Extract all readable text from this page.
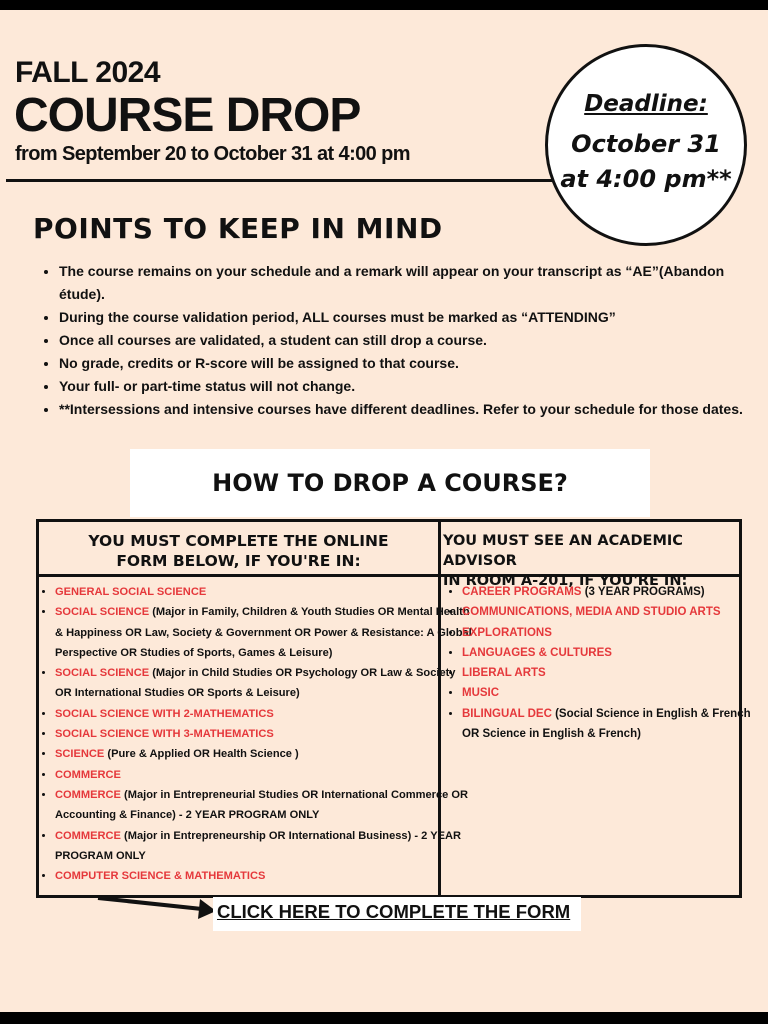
FALL 2024
COURSE DROP
from September 20 to October 31 at 4:00 pm
Deadline:
October 31
at 4:00 pm**
POINTS TO KEEP IN MIND
• The course remains on your schedule and a remark will appear on your transcript as “AE”(Abandon étude).
• During the course validation period, ALL courses must be marked as “ATTENDING”
• Once all courses are validated, a student can still drop a course.
• No grade, credits or R-score will be assigned to that course.
• Your full- or part-time status will not change.
• **Intersessions and intensive courses have different deadlines. Refer to your schedule for those dates.
HOW TO DROP A COURSE?
YOU MUST COMPLETE THE ONLINE
FORM BELOW, IF YOU'RE IN:
YOU MUST SEE AN ACADEMIC ADVISOR
IN ROOM A-201, IF YOU'RE IN:
• GENERAL SOCIAL SCIENCE
• SOCIAL SCIENCE (Major in Family, Children & Youth Studies OR Mental Health & Happiness OR Law, Society & Government OR Power & Resistance: A Global Perspective OR Studies of Sports, Games & Leisure)
• SOCIAL SCIENCE (Major in Child Studies OR Psychology OR Law & Society OR International Studies OR Sports & Leisure)
• SOCIAL SCIENCE WITH 2-MATHEMATICS
• SOCIAL SCIENCE WITH 3-MATHEMATICS
• SCIENCE (Pure & Applied OR Health Science )
• COMMERCE
• COMMERCE (Major in Entrepreneurial Studies OR International Commerce OR Accounting & Finance) - 2 YEAR PROGRAM ONLY
• COMMERCE (Major in Entrepreneurship OR International Business) - 2 YEAR PROGRAM ONLY
• COMPUTER SCIENCE & MATHEMATICS
• CAREER PROGRAMS (3 YEAR PROGRAMS)
• COMMUNICATIONS, MEDIA AND STUDIO ARTS
• EXPLORATIONS
• LANGUAGES & CULTURES
• LIBERAL ARTS
• MUSIC
• BILINGUAL DEC (Social Science in English & French OR Science in English & French)
CLICK HERE TO COMPLETE THE FORM
